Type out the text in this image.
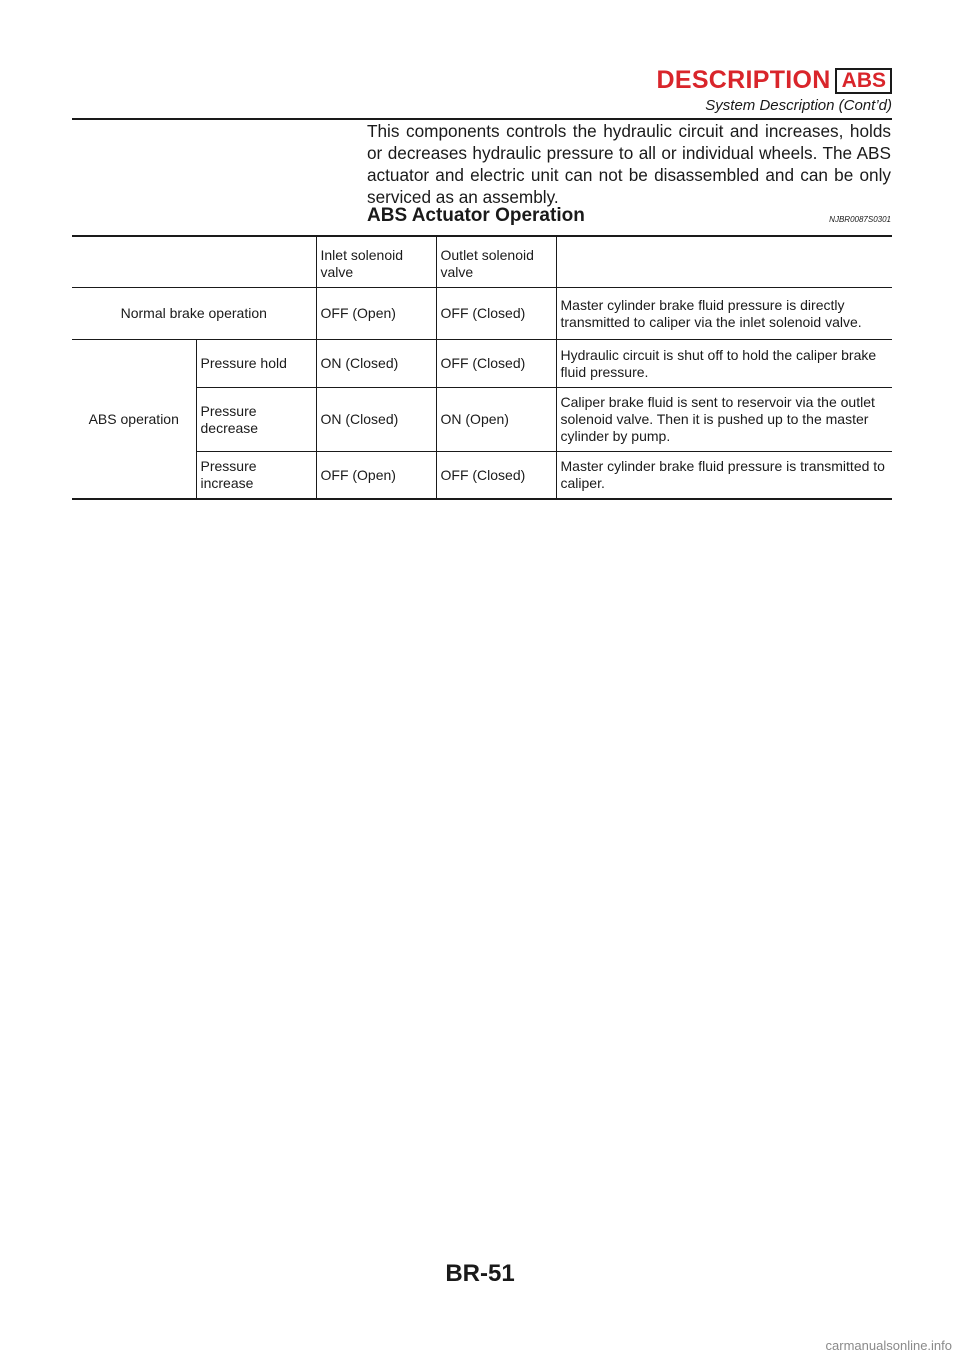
DESCRIPTION ABS
System Description (Cont’d)

This components controls the hydraulic circuit and increases, holds or decreases hydraulic pressure to all or individual wheels. The ABS actuator and electric unit can not be disassembled and can be only serviced as an assembly.

ABS Actuator Operation	NJBR0087S0301
		Inlet solenoid valve	Outlet solenoid valve	
Normal brake operation		OFF (Open)	OFF (Closed)	Master cylinder brake fluid pressure is directly transmitted to caliper via the inlet solenoid valve.
ABS operation	Pressure hold	ON (Closed)	OFF (Closed)	Hydraulic circuit is shut off to hold the caliper brake fluid pressure.
	Pressure decrease	ON (Closed)	ON (Open)	Caliper brake fluid is sent to reservoir via the outlet solenoid valve. Then it is pushed up to the master cylinder by pump.
	Pressure increase	OFF (Open)	OFF (Closed)	Master cylinder brake fluid pressure is transmitted to caliper.
BR-51
carmanualsonline.info
